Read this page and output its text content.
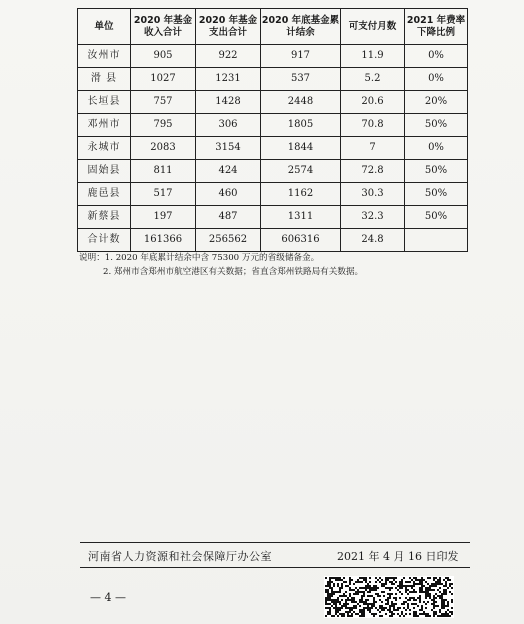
单位	2020 年基金收入合计	2020 年基金支出合计	2020 年底基金累计结余	可支付月数	2021 年费率下降比例
汝州市	905	922	917	11.9	0%
滑 县	1027	1231	537	5.2	0%
长垣县	757	1428	2448	20.6	20%
邓州市	795	306	1805	70.8	50%
永城市	2083	3154	1844	7	0%
固始县	811	424	2574	72.8	50%
鹿邑县	517	460	1162	30.3	50%
新蔡县	197	487	1311	32.3	50%
合计数	161366	256562	606316	24.8	
说明：1. 2020 年底累计结余中含 75300 万元的省级储备金。
2. 郑州市含郑州市航空港区有关数据；省直含郑州铁路局有关数据。
河南省人力资源和社会保障厅办公室	2021 年 4 月 16 日印发
— 4 —
